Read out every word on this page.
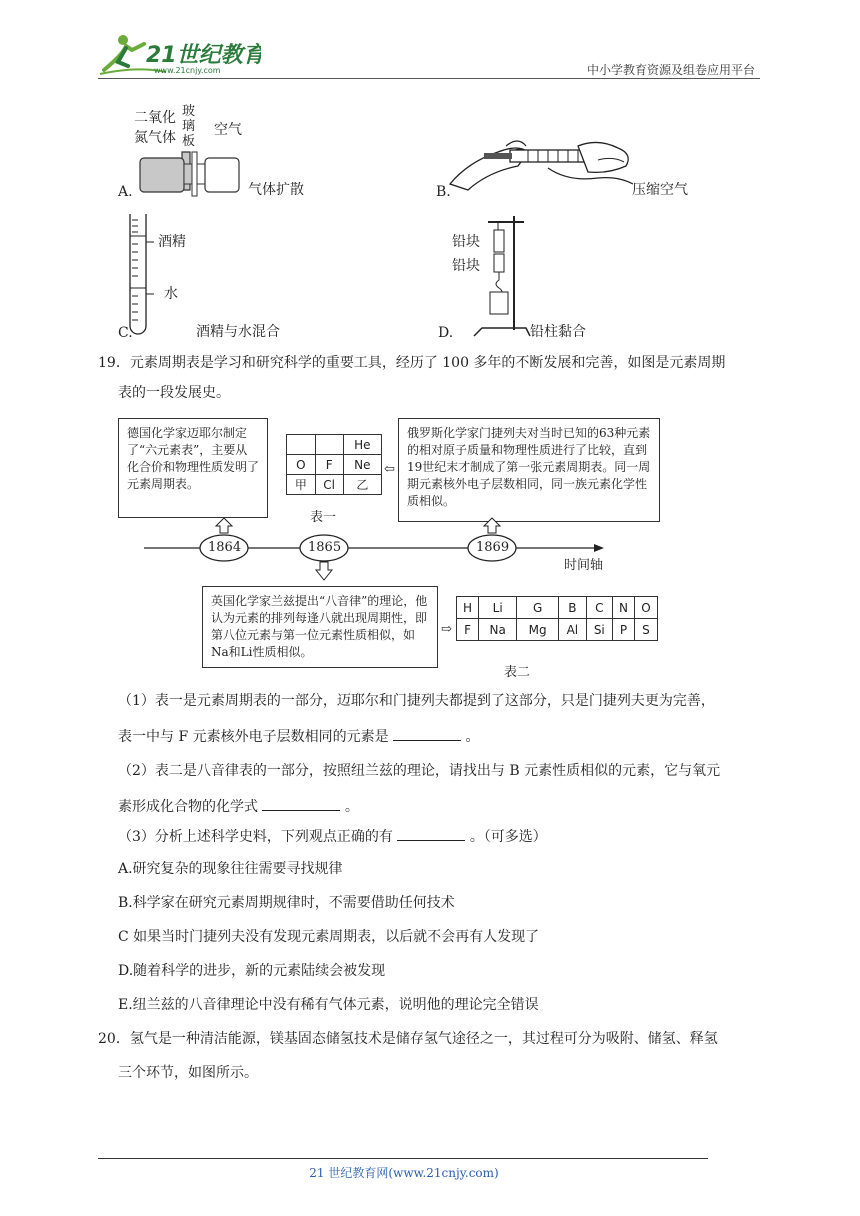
21世纪教育
www.21cnjy.com	中小学教育资源及组卷应用平台
二氧化
氮气体
玻
璃
板
空气
A.	气体扩散	B.	压缩空气
酒精
水
C.	酒精与水混合
铅块
铅块
D.	铅柱黏合
19．元素周期表是学习和研究科学的重要工具，经历了 100 多年的不断发展和完善，如图是元素周期
表的一段发展史。
德国化学家迈耶尔制定了“六元素表”，主要从化合价和物理性质发明了元素周期表。
		He
O	F	Ne
甲	Cl	乙
表一
⇦
俄罗斯化学家门捷列夫对当时已知的63种元素的相对原子质量和物理性质进行了比较，直到19世纪末才制成了第一张元素周期表。同一周期元素核外电子层数相同，同一族元素化学性质相似。
1864	1865	1869
时间轴
英国化学家兰兹提出“八音律”的理论，他认为元素的排列每逢八就出现周期性，即第八位元素与第一位元素性质相似，如Na和Li性质相似。
⇨
H	Li	G	B	C	N	O
F	Na	Mg	Al	Si	P	S
表二
（1）表一是元素周期表的一部分，迈耶尔和门捷列夫都提到了这部分，只是门捷列夫更为完善，
表一中与 F 元素核外电子层数相同的元素是	。
（2）表二是八音律表的一部分，按照纽兰兹的理论，请找出与 B 元素性质相似的元素，它与氧元
素形成化合物的化学式	。
（3）分析上述科学史料，下列观点正确的有	。（可多选）
A.研究复杂的现象往往需要寻找规律
B.科学家在研究元素周期规律时，不需要借助任何技术
C 如果当时门捷列夫没有发现元素周期表，以后就不会再有人发现了
D.随着科学的进步，新的元素陆续会被发现
E.纽兰兹的八音律理论中没有稀有气体元素，说明他的理论完全错误
20．氢气是一种清洁能源，镁基固态储氢技术是储存氢气途径之一，其过程可分为吸附、储氢、释氢
三个环节，如图所示。
21 世纪教育网(www.21cnjy.com)
